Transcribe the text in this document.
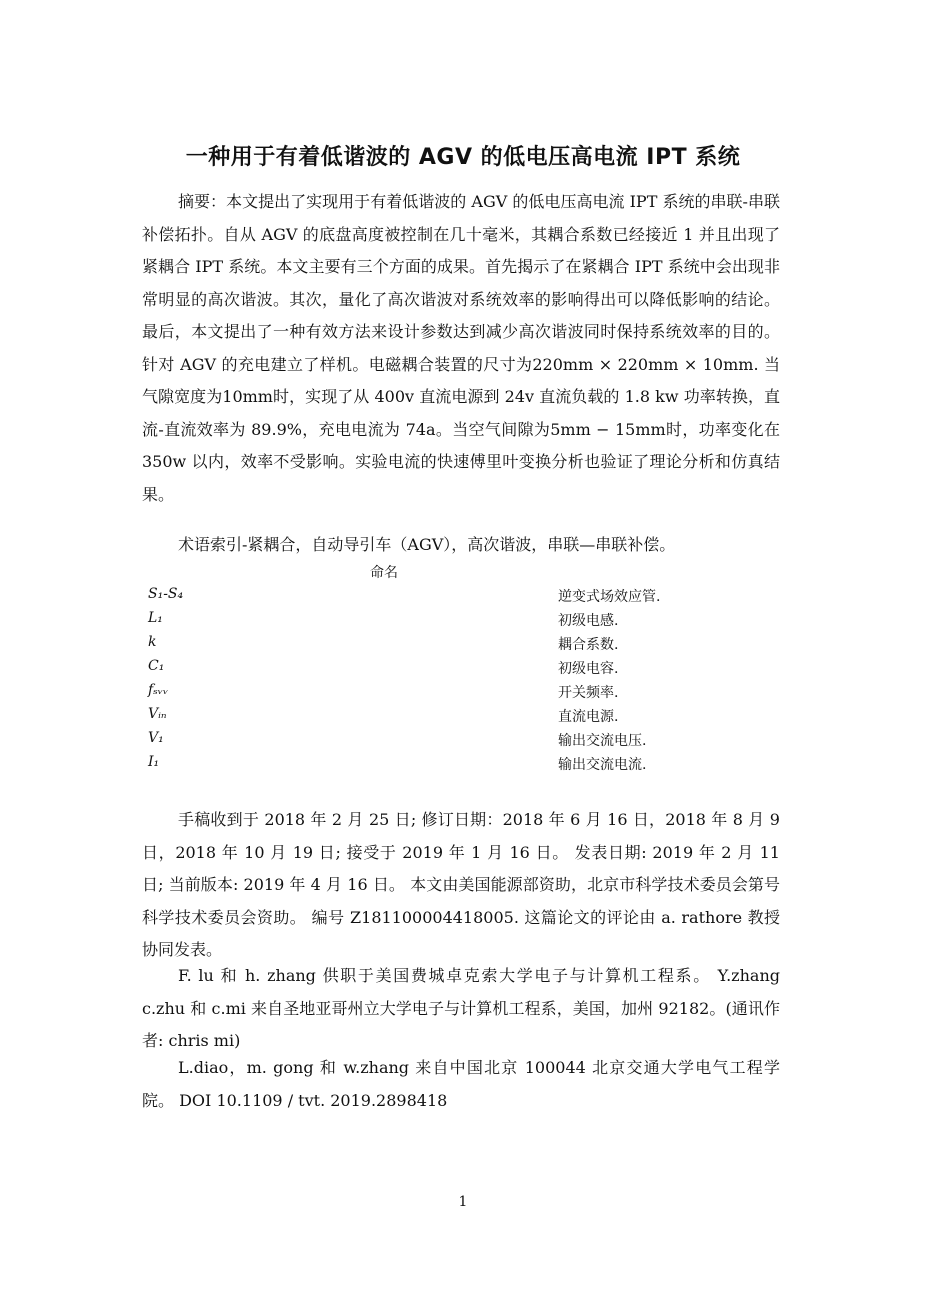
一种用于有着低谐波的 AGV 的低电压高电流 IPT 系统

摘要：本文提出了实现用于有着低谐波的 AGV 的低电压高电流 IPT 系统的串联-串联补偿拓扑。自从 AGV 的底盘高度被控制在几十毫米，其耦合系数已经接近 1 并且出现了紧耦合 IPT 系统。本文主要有三个方面的成果。首先揭示了在紧耦合 IPT 系统中会出现非常明显的高次谐波。其次，量化了高次谐波对系统效率的影响得出可以降低影响的结论。最后，本文提出了一种有效方法来设计参数达到减少高次谐波同时保持系统效率的目的。针对 AGV 的充电建立了样机。电磁耦合装置的尺寸为220mm × 220mm × 10mm. 当气隙宽度为10mm时，实现了从 400v 直流电源到 24v 直流负载的 1.8 kw 功率转换，直流-直流效率为 89.9%，充电电流为 74a。当空气间隙为5mm − 15mm时，功率变化在 350w 以内，效率不受影响。实验电流的快速傅里叶变换分析也验证了理论分析和仿真结果。

术语索引-紧耦合，自动导引车（AGV），高次谐波，串联—串联补偿。
命名
S₁-S₄	逆变式场效应管.
L₁	初级电感.
k	耦合系数.
C₁	初级电容.
fₛᵥᵥ	开关频率.
Vᵢₙ	直流电源.
V₁	输出交流电压.
I₁	输出交流电流.

手稿收到于 2018 年 2 月 25 日; 修订日期：2018 年 6 月 16 日，2018 年 8 月 9 日，2018 年 10 月 19 日; 接受于 2019 年 1 月 16 日。 发表日期: 2019 年 2 月 11 日; 当前版本: 2019 年 4 月 16 日。 本文由美国能源部资助，北京市科学技术委员会第号科学技术委员会资助。 编号 Z181100004418005. 这篇论文的评论由 a. rathore 教授协同发表。

F. lu 和 h. zhang 供职于美国费城卓克索大学电子与计算机工程系。 Y.zhang c.zhu 和 c.mi 来自圣地亚哥州立大学电子与计算机工程系，美国，加州 92182。(通讯作者: chris mi)

L.diao，m. gong 和 w.zhang 来自中国北京 100044 北京交通大学电气工程学院。 DOI 10.1109 / tvt. 2019.2898418

1
